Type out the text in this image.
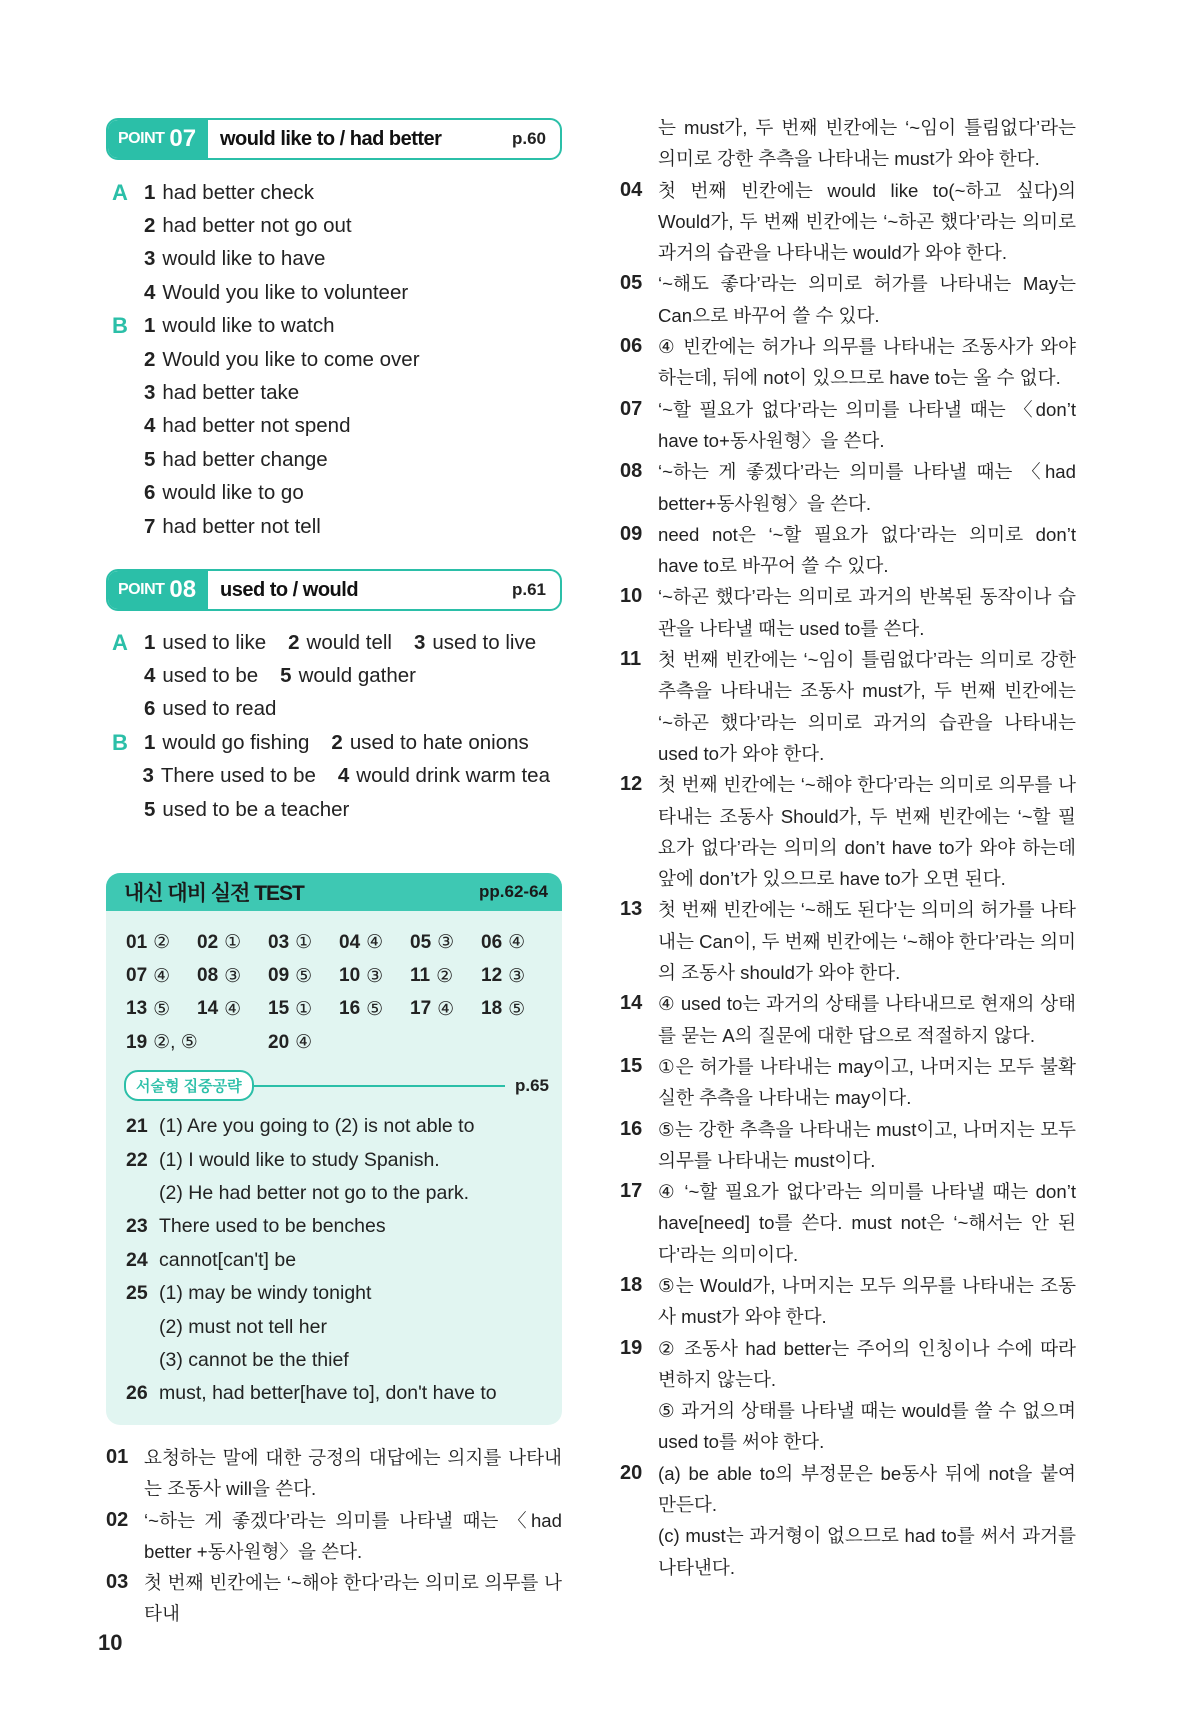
POINT 07	would like to / had better	p.60
A 1 had better check
2 had better not go out
3 would like to have
4 Would you like to volunteer
B 1 would like to watch
2 Would you like to come over
3 had better take
4 had better not spend
5 had better change
6 would like to go
7 had better not tell
POINT 08	used to / would	p.61
A 1 used to like 2 would tell 3 used to live
4 used to be 5 would gather
6 used to read
B 1 would go fishing 2 used to hate onions
3 There used to be 4 would drink warm tea
5 used to be a teacher
내신 대비 실전 TEST	pp.62-64
01 ② 02 ① 03 ① 04 ④ 05 ③ 06 ④
07 ④ 08 ③ 09 ⑤ 10 ③ 11 ② 12 ③
13 ⑤ 14 ④ 15 ① 16 ⑤ 17 ④ 18 ⑤
19 ②, ⑤	20 ④
서술형 집중공략	p.65
21 (1) Are you going to (2) is not able to
22 (1) I would like to study Spanish.
(2) He had better not go to the park.
23 There used to be benches
24 cannot[can't] be
25 (1) may be windy tonight
(2) must not tell her
(3) cannot be the thief
26 must, had better[have to], don't have to
01 요청하는 말에 대한 긍정의 대답에는 의지를 나타내는 조동사 will을 쓴다.
02 ‘~하는 게 좋겠다’라는 의미를 나타낼 때는 〈had better +동사원형〉을 쓴다.
03 첫 번째 빈칸에는 ‘~해야 한다’라는 의미로 의무를 나타내
는 must가, 두 번째 빈칸에는 ‘~임이 틀림없다’라는 의미로 강한 추측을 나타내는 must가 와야 한다.
04 첫 번째 빈칸에는 would like to(~하고 싶다)의 Would가, 두 번째 빈칸에는 ‘~하곤 했다’라는 의미로 과거의 습관을 나타내는 would가 와야 한다.
05 ‘~해도 좋다’라는 의미로 허가를 나타내는 May는 Can으로 바꾸어 쓸 수 있다.
06 ④ 빈칸에는 허가나 의무를 나타내는 조동사가 와야 하는데, 뒤에 not이 있으므로 have to는 올 수 없다.
07 ‘~할 필요가 없다’라는 의미를 나타낼 때는 〈don’t have to+동사원형〉을 쓴다.
08 ‘~하는 게 좋겠다’라는 의미를 나타낼 때는 〈had better+동사원형〉을 쓴다.
09 need not은 ‘~할 필요가 없다’라는 의미로 don’t have to로 바꾸어 쓸 수 있다.
10 ‘~하곤 했다’라는 의미로 과거의 반복된 동작이나 습관을 나타낼 때는 used to를 쓴다.
11 첫 번째 빈칸에는 ‘~임이 틀림없다’라는 의미로 강한 추측을 나타내는 조동사 must가, 두 번째 빈칸에는 ‘~하곤 했다’라는 의미로 과거의 습관을 나타내는 used to가 와야 한다.
12 첫 번째 빈칸에는 ‘~해야 한다’라는 의미로 의무를 나타내는 조동사 Should가, 두 번째 빈칸에는 ‘~할 필요가 없다’라는 의미의 don’t have to가 와야 하는데 앞에 don’t가 있으므로 have to가 오면 된다.
13 첫 번째 빈칸에는 ‘~해도 된다’는 의미의 허가를 나타내는 Can이, 두 번째 빈칸에는 ‘~해야 한다’라는 의미의 조동사 should가 와야 한다.
14 ④ used to는 과거의 상태를 나타내므로 현재의 상태를 묻는 A의 질문에 대한 답으로 적절하지 않다.
15 ①은 허가를 나타내는 may이고, 나머지는 모두 불확실한 추측을 나타내는 may이다.
16 ⑤는 강한 추측을 나타내는 must이고, 나머지는 모두 의무를 나타내는 must이다.
17 ④ ‘~할 필요가 없다’라는 의미를 나타낼 때는 don’t have[need] to를 쓴다. must not은 ‘~해서는 안 된다’라는 의미이다.
18 ⑤는 Would가, 나머지는 모두 의무를 나타내는 조동사 must가 와야 한다.
19 ② 조동사 had better는 주어의 인칭이나 수에 따라 변하지 않는다.
⑤ 과거의 상태를 나타낼 때는 would를 쓸 수 없으며 used to를 써야 한다.
20 (a) be able to의 부정문은 be동사 뒤에 not을 붙여 만든다.
(c) must는 과거형이 없으므로 had to를 써서 과거를 나타낸다.
10
